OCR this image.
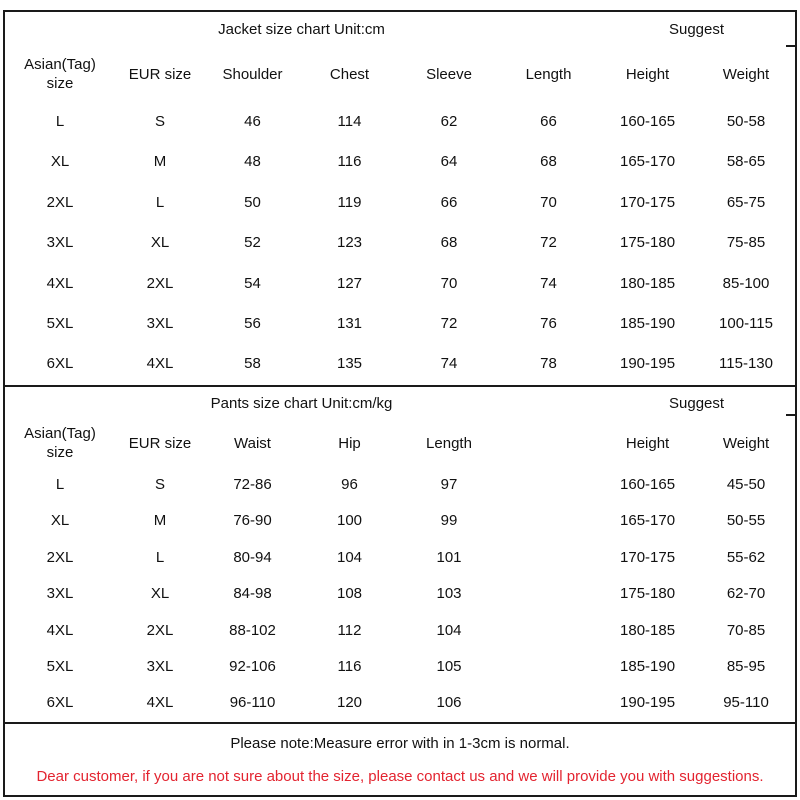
Jacket size chart Unit:cm						Suggest	
Asian(Tag) size	EUR size	Shoulder	Chest	Sleeve	Length	Height	Weight
L	S	46	114	62	66	160-165	50-58
XL	M	48	116	64	68	165-170	58-65
2XL	L	50	119	66	70	170-175	65-75
3XL	XL	52	123	68	72	175-180	75-85
4XL	2XL	54	127	70	74	180-185	85-100
5XL	3XL	56	131	72	76	185-190	100-115
6XL	4XL	58	135	74	78	190-195	115-130
Pants size chart Unit:cm/kg						Suggest	
Asian(Tag) size	EUR size	Waist	Hip	Length		Height	Weight
L	S	72-86	96	97		160-165	45-50
XL	M	76-90	100	99		165-170	50-55
2XL	L	80-94	104	101		170-175	55-62
3XL	XL	84-98	108	103		175-180	62-70
4XL	2XL	88-102	112	104		180-185	70-85
5XL	3XL	92-106	116	105		185-190	85-95
6XL	4XL	96-110	120	106		190-195	95-110
Please note:Measure error with in 1-3cm is normal.
Dear customer, if you are not sure about the size, please contact us and we will provide you with suggestions.
